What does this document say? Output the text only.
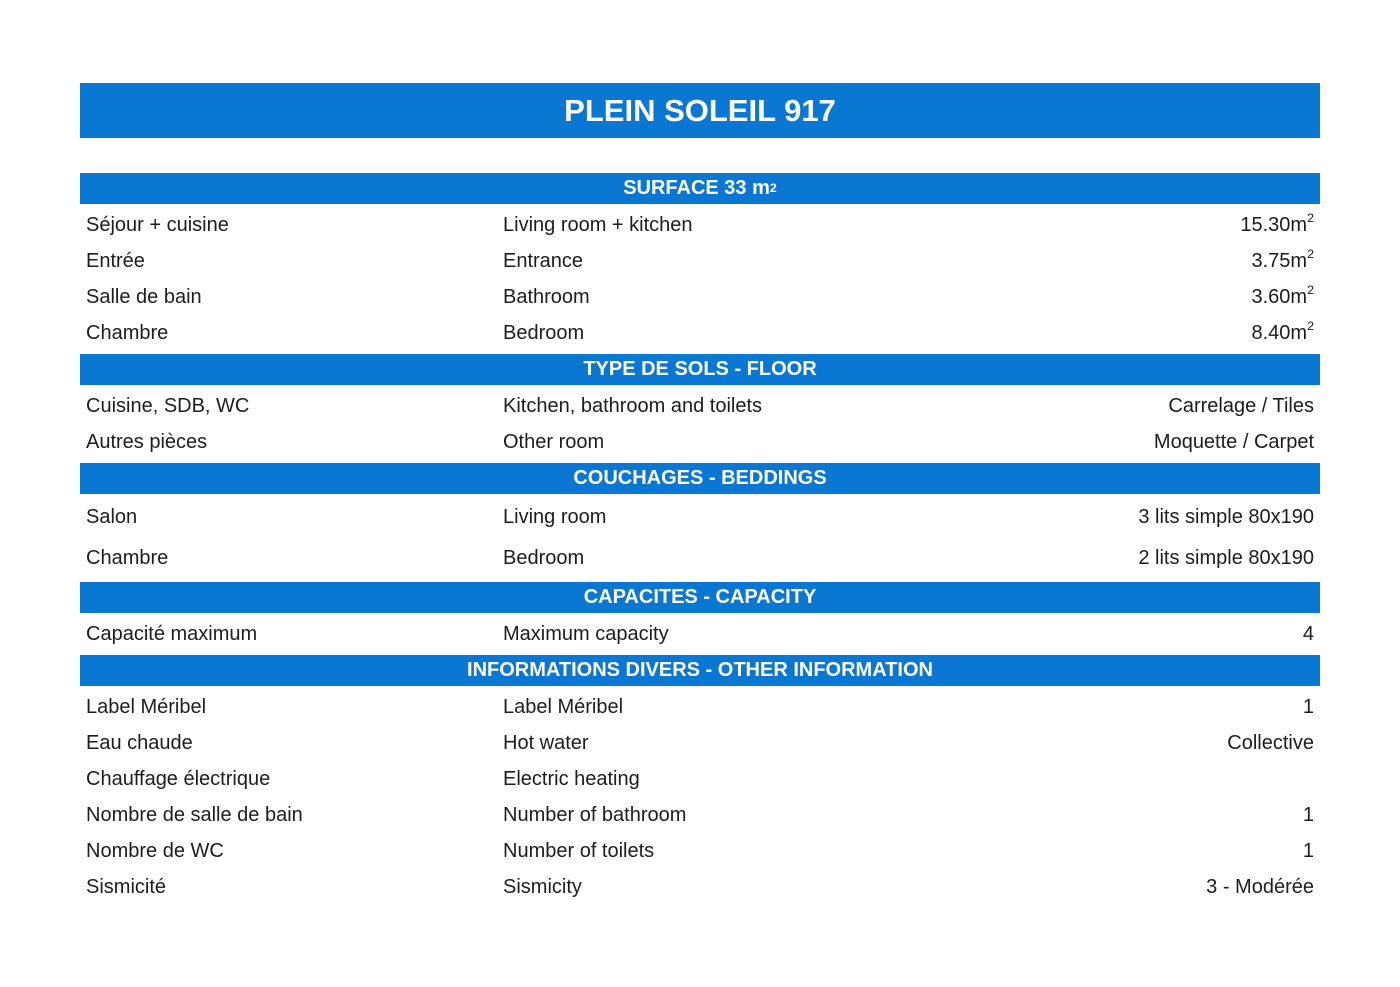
PLEIN SOLEIL 917
SURFACE 33 $m^2$
Séjour + cuisine	Living room + kitchen	$15.30m^2$
Entrée	Entrance	$3.75m^2$
Salle de bain	Bathroom	$3.60m^2$
Chambre	Bedroom	$8.40m^2$
TYPE DE SOLS - FLOOR
Cuisine, SDB, WC	Kitchen, bathroom and toilets	Carrelage / Tiles
Autres pièces	Other room	Moquette / Carpet
COUCHAGES - BEDDINGS
Salon	Living room	3 lits simple 80x190
Chambre	Bedroom	2 lits simple 80x190
CAPACITES - CAPACITY
Capacité maximum	Maximum capacity	4
INFORMATIONS DIVERS - OTHER INFORMATION
Label Méribel	Label Méribel	1
Eau chaude	Hot water	Collective
Chauffage électrique	Electric heating
Nombre de salle de bain	Number of bathroom	1
Nombre de WC	Number of toilets	1
Sismicité	Sismicity	3 - Modérée
